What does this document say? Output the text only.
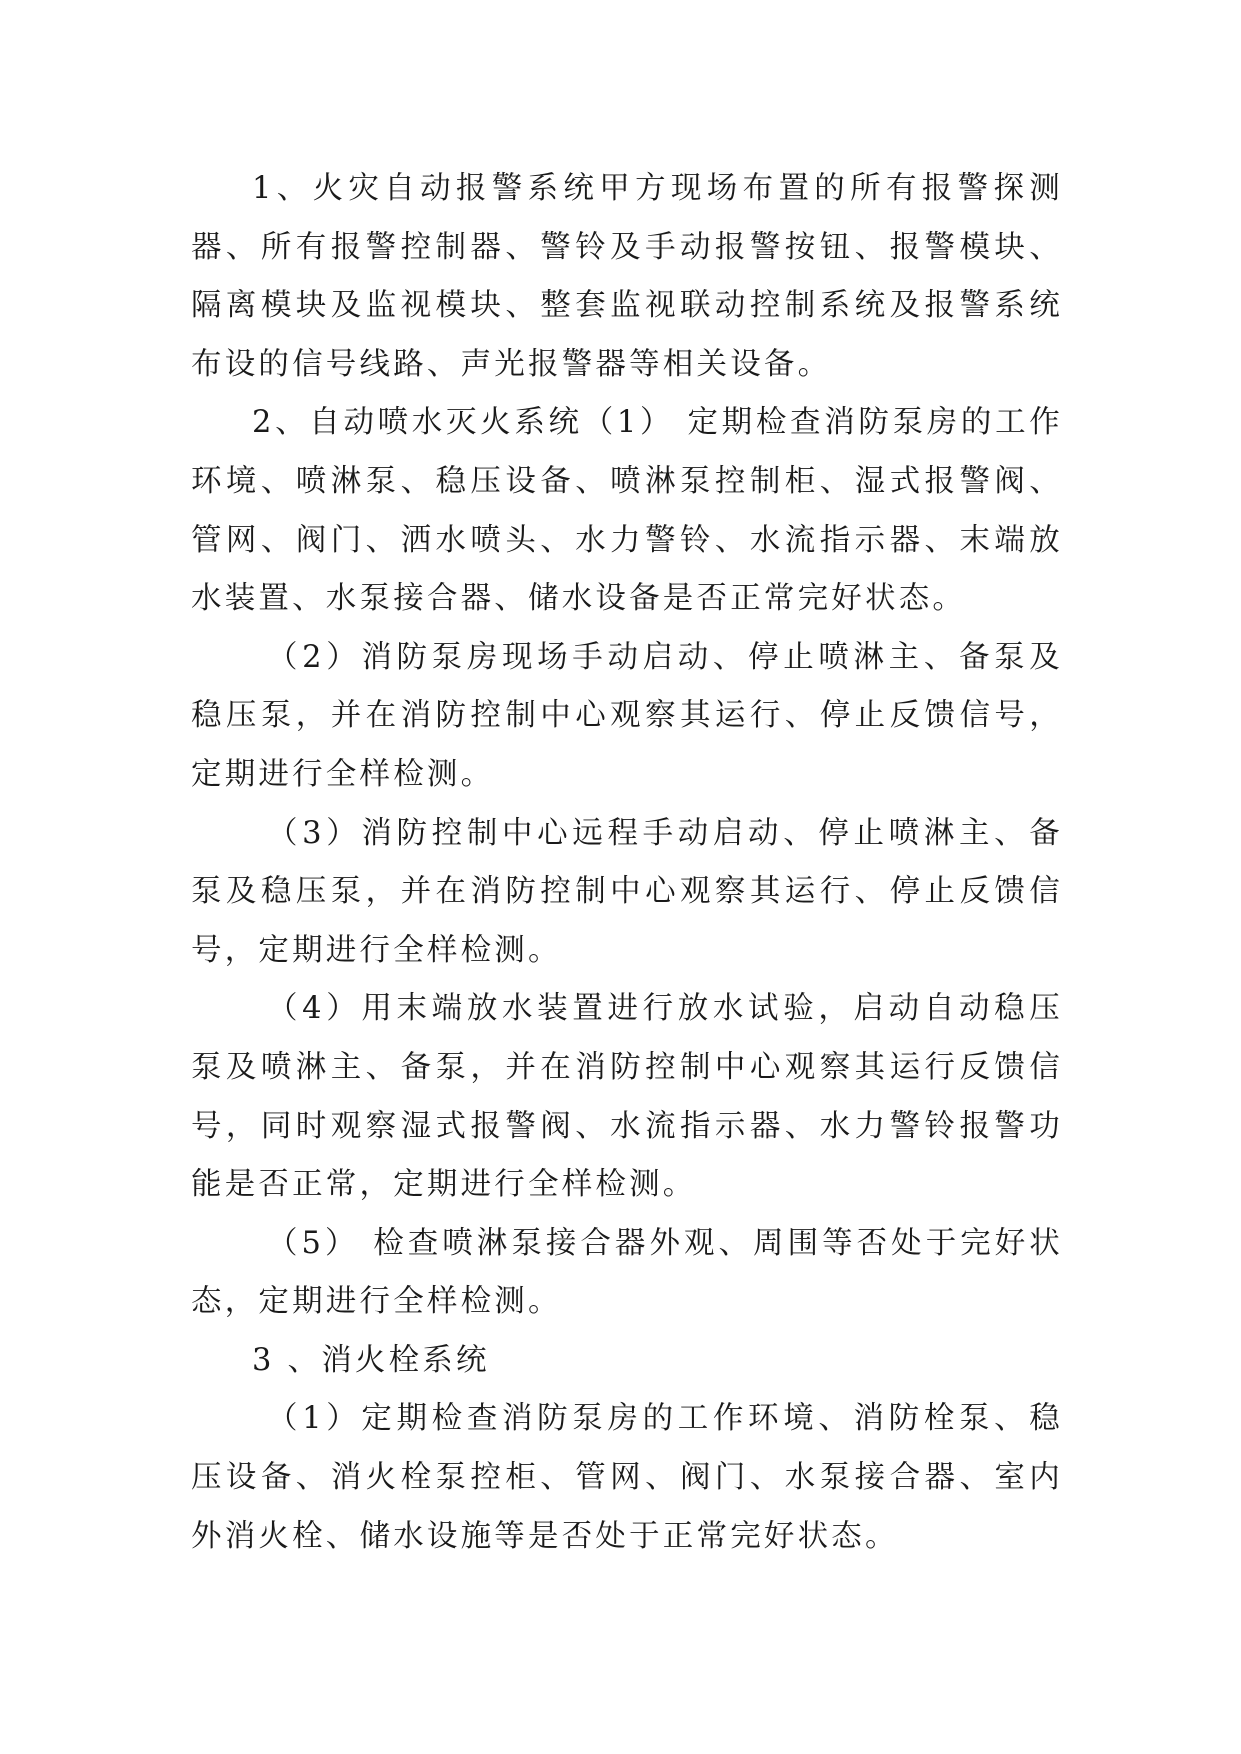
1、火灾自动报警系统甲方现场布置的所有报警探测器、所有报警控制器、警铃及手动报警按钮、报警模块、隔离模块及监视模块、整套监视联动控制系统及报警系统布设的信号线路、声光报警器等相关设备。

2、自动喷水灭火系统（1） 定期检查消防泵房的工作环境、喷淋泵、稳压设备、喷淋泵控制柜、湿式报警阀、管网、阀门、洒水喷头、水力警铃、水流指示器、末端放水装置、水泵接合器、储水设备是否正常完好状态。

（2）消防泵房现场手动启动、停止喷淋主、备泵及稳压泵，并在消防控制中心观察其运行、停止反馈信号，定期进行全样检测。

（3）消防控制中心远程手动启动、停止喷淋主、备泵及稳压泵，并在消防控制中心观察其运行、停止反馈信号，定期进行全样检测。

（4）用末端放水装置进行放水试验，启动自动稳压泵及喷淋主、备泵，并在消防控制中心观察其运行反馈信号，同时观察湿式报警阀、水流指示器、水力警铃报警功能是否正常，定期进行全样检测。

（5） 检查喷淋泵接合器外观、周围等否处于完好状态，定期进行全样检测。

3 、消火栓系统

（1）定期检查消防泵房的工作环境、消防栓泵、稳压设备、消火栓泵控柜、管网、阀门、水泵接合器、室内外消火栓、储水设施等是否处于正常完好状态。
